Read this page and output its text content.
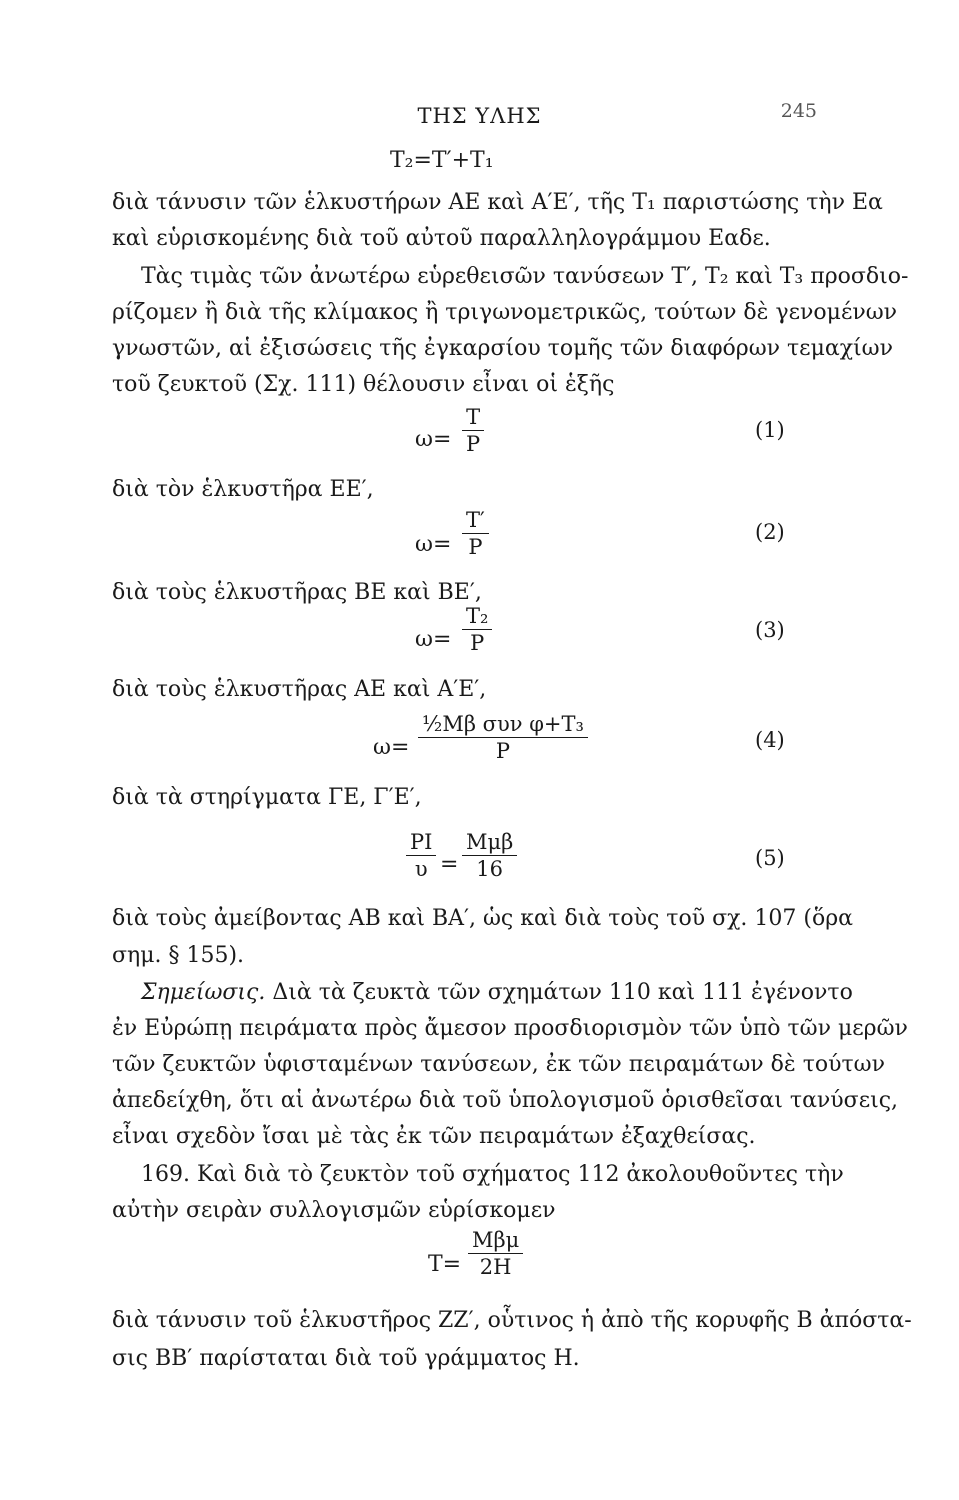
ΤΗΣ ΥΛΗΣ	245
T₂=T′+T₁
διὰ τάνυσιν τῶν ἑλκυστήρων ΑΕ καὶ Α′Ε′, τῆς T₁ παριστώσης τὴν Εα
καὶ εὑρισκομένης διὰ τοῦ αὐτοῦ παραλληλογράμμου Εαδε.
Τὰς τιμὰς τῶν ἀνωτέρω εὑρεθεισῶν τανύσεων T′, T₂ καὶ T₃ προσδιο-
ρίζομεν ἢ διὰ τῆς κλίμακος ἢ τριγωνομετρικῶς, τούτων δὲ γενομένων
γνωστῶν, αἱ ἐξισώσεις τῆς ἐγκαρσίου τομῆς τῶν διαφόρων τεμαχίων
τοῦ ζευκτοῦ (Σχ. 111) θέλουσιν εἶναι οἱ ἑξῆς
ω=
T
P
(1)
διὰ τὸν ἑλκυστῆρα ΕΕ′,
ω=
T′
P
(2)
διὰ τοὺς ἑλκυστῆρας ΒΕ καὶ ΒΕ′,
ω=
T₂
P
(3)
διὰ τοὺς ἑλκυστῆρας ΑΕ καὶ Α′Ε′,
ω=
½Μβ συν φ+T₃
P	(4)
διὰ τὰ στηρίγματα ΓΕ, Γ′Ε′,
PI
υ =
Μμβ
16	(5)
διὰ τοὺς ἀμείβοντας ΑΒ καὶ ΒΑ′, ὡς καὶ διὰ τοὺς τοῦ σχ. 107 (ὅρα
σημ. § 155).
Σημείωσις. Διὰ τὰ ζευκτὰ τῶν σχημάτων 110 καὶ 111 ἐγένοντο
ἐν Εὐρώπῃ πειράματα πρὸς ἄμεσον προσδιορισμὸν τῶν ὑπὸ τῶν μερῶν
τῶν ζευκτῶν ὑφισταμένων τανύσεων, ἐκ τῶν πειραμάτων δὲ τούτων
ἀπεδείχθη, ὅτι αἱ ἀνωτέρω διὰ τοῦ ὑπολογισμοῦ ὁρισθεῖσαι τανύσεις,
εἶναι σχεδὸν ἴσαι μὲ τὰς ἐκ τῶν πειραμάτων ἐξαχθείσας.
169. Καὶ διὰ τὸ ζευκτὸν τοῦ σχήματος 112 ἀκολουθοῦντες τὴν
αὐτὴν σειρὰν συλλογισμῶν εὑρίσκομεν
T=
Μβμ
2H
διὰ τάνυσιν τοῦ ἑλκυστῆρος ΖΖ′, οὗτινος ἡ ἀπὸ τῆς κορυφῆς Β ἀπόστα-
σις ΒΒ′ παρίσταται διὰ τοῦ γράμματος Η.
